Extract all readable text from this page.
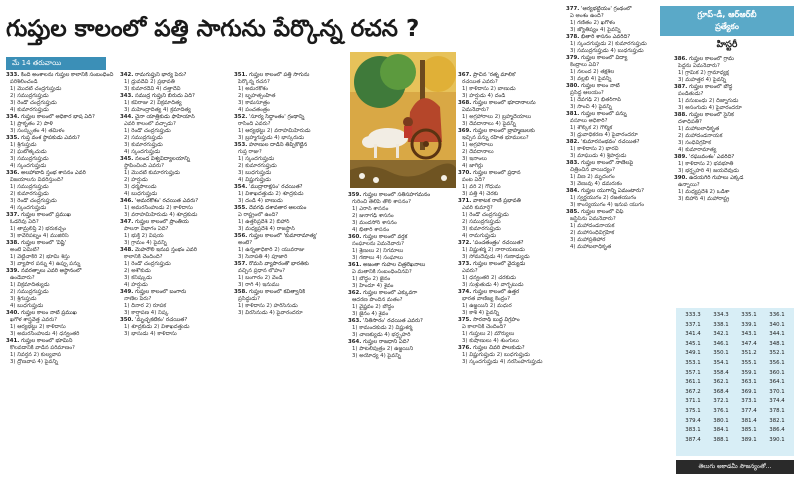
గుప్తుల కాలంలో పత్తి సాగును పేర్కొన్న రచన ?
గ్రూప్-డీ, ఆర్ఆర్‌బీ
ప్రత్యేకం
హిస్టరీ
మే 14 తరువాయి
333. కింది అంశాలను గుప్తుల కాలానికి సంబంధించి
పరిశీలించండి
1) మొదటి చంద్రగుప్తుడు
2) సముద్రగుప్తుడు
3) రెండో చంద్రగుప్తుడు
4) కుమారగుప్తుడు
334. గుప్తుల కాలంలో అధికార భాష ఏది?
1) ప్రాకృతం 2) పాళీ
3) సంస్కృతం 4) తమిళం
335. గుప్త వంశ స్థాపకుడు ఎవరు?
1) శ్రీగుప్తుడు
2) ఘటోత్కచుడు
3) సముద్రగుప్తుడు
4) స్కందగుప్తుడు
336. అలహాబాద్ స్తంభ శాసనం ఎవరి
విజయాలను వివరిస్తుంది?
1) సముద్రగుప్తుడు
2) కుమారగుప్తుడు
3) రెండో చంద్రగుప్తుడు
4) స్కందగుప్తుడు
337. గుప్తుల కాలంలో ప్రముఖ
ఓడరేవు ఏది?
1) తామ్రలిప్తి 2) భరుకచ్చం
3) కావేరిపట్నం 4) ముజిరిస్
338. గుప్తుల కాలంలో 'విష్టి'
అంటే ఏమిటి?
1) వెట్టిచాకిరి 2) భూమి శిస్తు
3) వ్యాపార పన్ను 4) ఉప్పు పన్ను
339. నవరత్నాలు ఎవరి ఆస్థానంలో
ఉండేవారు?
1) విక్రమాదిత్యుడు
2) సముద్రగుప్తుడు
3) శ్రీగుప్తుడు
4) బుధగుప్తుడు
340. గుప్తుల కాలం నాటి ప్రముఖ
ఖగోళ శాస్త్రవేత్త ఎవరు?
1) ఆర్యభట్టు 2) కాళిదాసు
3) అమరసింహుడు 4) ధన్వంతరి
341. గుప్తుల కాలంలో భూమిని
కొలవడానికి వాడిన పరిమాణం?
1) నివర్తన 2) కుల్యవాప
3) ద్రోణవాప 4) పైవన్నీ
342. రామగుప్తుని భార్య పేరు?
1) ధ్రువదేవి 2) ప్రభావతి
3) కుమారదేవి 4) దత్తాదేవి
343. సముద్ర గుప్తుని బిరుదు ఏది?
1) కవిరాజు 2) విక్రమాదిత్య
3) మహేంద్రాదిత్య 4) క్రమాదిత్య
344. చైనా యాత్రికుడు ఫాహియాన్
ఎవరి కాలంలో వచ్చాడు?
1) రెండో చంద్రగుప్తుడు
2) సముద్రగుప్తుడు
3) కుమారగుప్తుడు
4) స్కందగుప్తుడు
345. నలంద విశ్వవిద్యాలయాన్ని
స్థాపించింది ఎవరు?
1) మొదటి కుమారగుప్తుడు
2) హర్షుడు
3) ధర్మపాలుడు
4) బుధగుప్తుడు
346. 'అమరకోశం' రచయిత ఎవరు?
1) అమరసింహుడు 2) కాళిదాసు
3) వరాహమిహిరుడు 4) శూద్రకుడు
347. గుప్తుల కాలంలో ప్రాంతీయ
పాలనా విభాగం ఏది?
1) భుక్తి 2) విషయ
3) గ్రామం 4) పైవన్నీ
348. మెహరౌలీ ఇనుప స్తంభం ఎవరి
కాలానికి చెందింది?
1) రెండో చంద్రగుప్తుడు
2) అశోకుడు
3) కనిష్కుడు
4) హర్షుడు
349. గుప్తుల కాలంలో బంగారు
నాణేల పేరు?
1) దీనార 2) రూపక
3) కార్షాపణ 4) నిష్క
350. 'మృచ్ఛకటికం' రచయిత?
1) శూద్రకుడు 2) విశాఖదత్తుడు
3) భాసుడు 4) కాళిదాసు
351. గుప్తుల కాలంలో పత్తి సాగును
పేర్కొన్న రచన?
1) అమరకోశం
2) బృహత్సంహిత
3) కామసూత్రం
4) పంచతంత్రం
352. 'సూర్య సిద్ధాంతం' గ్రంథాన్ని
రాసింది ఎవరు?
1) ఆర్యభట్టు 2) వరాహమిహిరుడు
3) బ్రహ్మగుప్తుడు 4) భాస్కరుడు
353. హూణుల దాడిని తిప్పికొట్టిన
గుప్త రాజు?
1) స్కందగుప్తుడు
2) కుమారగుప్తుడు
3) బుధగుప్తుడు
4) విష్ణుగుప్తుడు
354. 'ముద్రారాక్షసం' రచయిత?
1) విశాఖదత్తుడు 2) శూద్రకుడు
3) దండి 4) బాణుడు
355. దేవగఢ్ దశావతార ఆలయం
ఏ రాష్ట్రంలో ఉంది?
1) ఉత్తర్‌ప్రదేశ్ 2) బిహార్
3) మధ్యప్రదేశ్ 4) రాజస్థాన్
356. గుప్తుల కాలంలో 'కుమారామాత్య'
అంటే?
1) ఉన్నతాధికారి 2) యువరాజు
3) సేనాపతి 4) పూజారి
357. రోమన్ వ్యాపారంతో భారత్‌కు
వచ్చిన ప్రధాన లోహం?
1) బంగారం 2) వెండి
3) రాగి 4) ఇనుము
358. గుప్తుల కాలంలో కవిత్వానికి
ప్రసిద్ధుడు?
1) కాళిదాసు 2) హరిసేనుడు
3) వీరసేనుడు 4) పైవారందరూ
359. గుప్తుల కాలంలో సతీసహగమనం
గురించి తెలిపే తొలి శాసనం?
1) ఎరాన్ శాసనం
2) జునాగఢ్ శాసనం
3) మందసోర్ శాసనం
4) భితారి శాసనం
360. గుప్తుల కాలంలో వర్తక
సంఘాలను ఏమనేవారు?
1) శ్రేణులు 2) నిగమాలు
3) గణాలు 4) సంఘాలు
361. అజంతా గుహల చిత్రలేఖనాలు
ఏ మతానికి సంబంధించినవి?
1) బౌద్ధం 2) జైనం
3) హిందూ 4) శైవం
362. గుప్తుల కాలంలో ఎక్కువగా
ఆదరణ పొందిన మతం?
1) వైష్ణవం 2) బౌద్ధం
3) జైనం 4) శైవం
363. 'నీతిసారం' రచయిత ఎవరు?
1) కామందకుడు 2) విష్ణుశర్మ
3) చాణక్యుడు 4) భర్తృహరి
364. గుప్తుల రాజధాని ఏది?
1) పాటలీపుత్రం 2) ఉజ్జయిని
3) అయోధ్య 4) పైవన్నీ
367. ప్రాచీన 'రత్న మాలిక'
రచయిత ఎవరు?
1) కాళిదాసు 2) బాణుడు
3) హర్షుడు 4) దండి
368. గుప్తుల కాలంలో భూదానాలను
ఏమనేవారు?
1) అగ్రహారాలు 2) బ్రహ్మదేయాలు
3) దేవదానాలు 4) పైవన్నీ
369. గుప్తుల కాలంలో బ్రాహ్మణులకు
ఇచ్చిన పన్ను రహిత భూములు?
1) అగ్రహారాలు
2) దేవదానాలు
3) ఇనాంలు
4) జాగీర్లు
370. గుప్తుల కాలంలో ప్రధాన
పంట ఏది?
1) వరి 2) గోధుమ
3) పత్తి 4) చెరకు
371. వాకాటక రాణి ప్రభావతి
ఎవరి కుమార్తె?
1) రెండో చంద్రగుప్తుడు
2) సముద్రగుప్తుడు
3) కుమారగుప్తుడు
4) రామగుప్తుడు
372. 'పంచతంత్రం' రచయిత?
1) విష్ణుశర్మ 2) నారాయణుడు
3) సోమదేవుడు 4) గుణాఢ్యుడు
373. గుప్తుల కాలంలో వైద్యుడు
ఎవరు?
1) ధన్వంతరి 2) చరకుడు
3) సుశ్రుతుడు 4) వాగ్భటుడు
374. గుప్తుల కాలంలో ఉత్తర
భారత వాణిజ్య కేంద్రం?
1) ఉజ్జయిని 2) మధుర
3) కాశీ 4) పైవన్నీ
375. సారనాథ్ బుద్ధ విగ్రహం
ఏ కాలానికి చెందింది?
1) గుప్తులు 2) మౌర్యులు
3) కుషాణులు 4) శుంగులు
376. గుప్తుల చివరి పాలకుడు?
1) విష్ణుగుప్తుడు 2) బుధగుప్తుడు
3) స్కందగుప్తుడు 4) నరసింహగుప్తుడు
377. 'ఆర్యభట్టీయం' గ్రంథంలో
ఏ అంశం ఉంది?
1) గణితం 2) ఖగోళం
3) జ్యోతిష్యం 4) పైవన్నీ
378. భితారి శాసనం ఎవరిది?
1) స్కందగుప్తుడు 2) కుమారగుప్తుడు
3) సముద్రగుప్తుడు 4) బుధగుప్తుడు
379. గుప్తుల కాలంలో విద్యా
కేంద్రాలు ఏవి?
1) నలంద 2) తక్షశిల
3) వల్లభి 4) పైవన్నీ
380. గుప్తుల కాలం నాటి
ప్రసిద్ధ ఆలయం?
1) దేవగఢ్ 2) భితర్‌గావ్
3) సాంచీ 4) పైవన్నీ
381. గుప్తుల కాలంలో పన్ను
వసూలు అధికారి?
1) శౌల్కిక 2) గౌల్మిక
3) ధ్రువాధికరణ 4) పైవారందరూ
382. 'కుమారసంభవం' రచయిత?
1) కాళిదాసు 2) భారవి
3) మాఘుడు 4) శ్రీహర్షుడు
383. గుప్తుల కాలంలో నాణేలపై
చిత్రించిన వాయిద్యం?
1) వీణ 2) మృదంగం
3) వేణువు 4) డమరుకం
384. గుప్తుల యుగాన్ని ఏమంటారు?
1) స్వర్ణయుగం 2) రజతయుగం
3) కాంస్యయుగం 4) ఇనుప యుగం
385. గుప్తుల కాలంలో చీఫ్
జస్టిస్‌ను ఏమనేవారు?
1) మహాదండనాయక
2) మహాసంధివిగ్రహిక
3) మహాప్రతిహార
4) మహాబలాధికృత
386. గుప్తుల కాలంలో గ్రామ
పెద్దను ఏమనేవారు?
1) గ్రామిక 2) గ్రామాధ్యక్ష
3) మహత్తర 4) పైవన్నీ
387. గుప్తుల కాలంలో బౌద్ధ
పండితుడు?
1) వసుబంధు 2) దిజ్నాగుడు
3) అసంగుడు 4) పైవారందరూ
388. గుప్తుల కాలంలో సైనిక
దళాధిపతి?
1) మహాబలాధికృత
2) మహాదండనాయక
3) సంధివిగ్రహిక
4) కుమారామాత్య
389. 'రఘువంశం' ఎవరిది?
1) కాళిదాసు 2) భవభూతి
3) భర్తృహరి 4) జయదేవుడు
390. ఉదయగిరి గుహలు ఎక్కడ
ఉన్నాయి?
1) మధ్యప్రదేశ్ 2) ఒడిశా
3) బిహార్ 4) మహారాష్ట్ర
333.3	334.3	335.1	336.1
337.1	338.1	339.1	340.1
341.4	342.1	343.1	344.1
345.1	346.1	347.4	348.1
349.1	350.1	351.2	352.1
353.1	354.1	355.1	356.1
357.1	358.4	359.1	360.1
361.1	362.1	363.1	364.1
367.2	368.4	369.1	370.1
371.1	372.1	373.1	374.4
375.1	376.1	377.4	378.1
379.4	380.1	381.4	382.1
383.1	384.1	385.1	386.4
387.4	388.1	389.1	390.1
తెలుగు అకాడమీ సౌజన్యంతో...
